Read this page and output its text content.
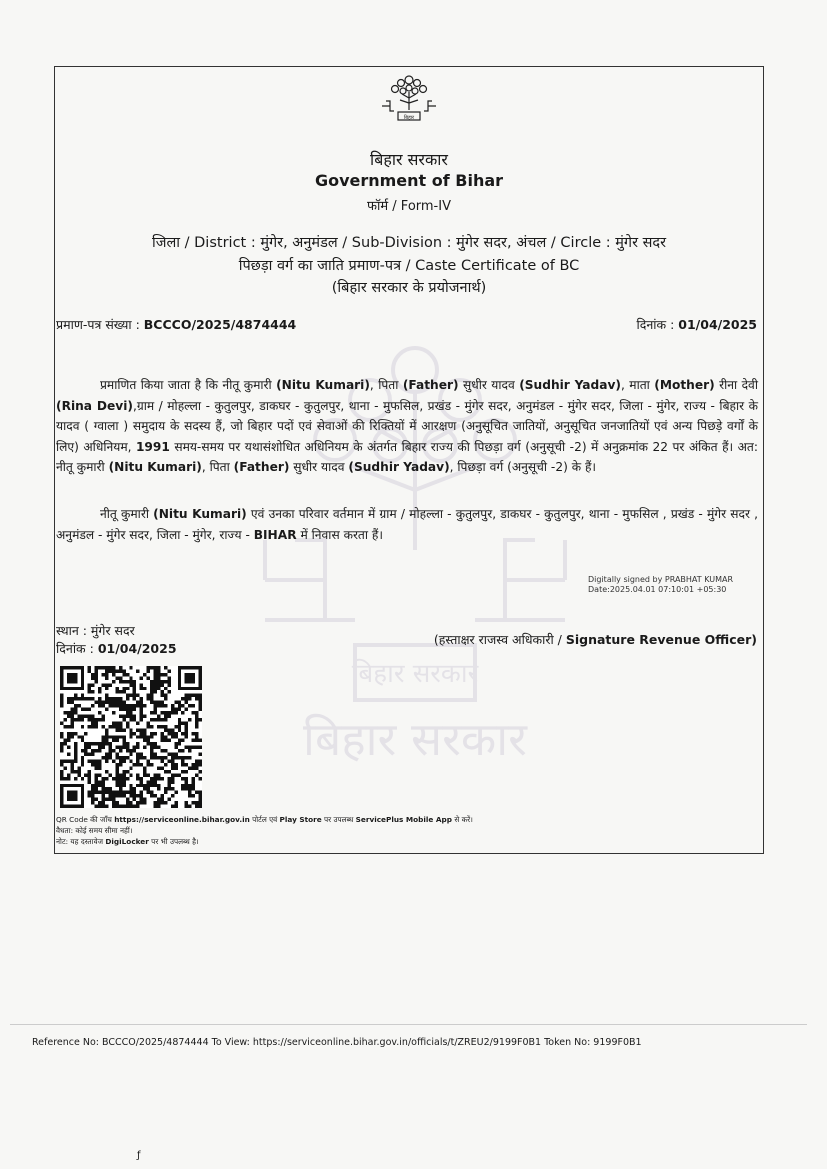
बिहार
बिहार सरकार
बिहार सरकार
बिहार सरकार
Government of Bihar
फॉर्म / Form-IV
जिला / District : मुंगेर, अनुमंडल / Sub-Division : मुंगेर सदर, अंचल / Circle : मुंगेर सदर
पिछड़ा वर्ग का जाति प्रमाण-पत्र / Caste Certificate of BC
(बिहार सरकार के प्रयोजनार्थ)
प्रमाण-पत्र संख्या : BCCCO/2025/4874444	दिनांक : 01/04/2025
प्रमाणित किया जाता है कि नीतू कुमारी (Nitu Kumari), पिता (Father) सुधीर यादव (Sudhir Yadav), माता (Mother) रीना देवी (Rina Devi),ग्राम / मोहल्ला - कुतुलपुर, डाकघर - कुतुलपुर, थाना - मुफसिल, प्रखंड - मुंगेर सदर, अनुमंडल - मुंगेर सदर, जिला - मुंगेर, राज्य - बिहार के यादव ( ग्वाला ) समुदाय के सदस्य हैं, जो बिहार पदों एवं सेवाओं की रिक्तियों में आरक्षण (अनुसूचित जातियों, अनुसूचित जनजातियों एवं अन्य पिछड़े वर्गों के लिए) अधिनियम, 1991 समय-समय पर यथासंशोधित अधिनियम के अंतर्गत बिहार राज्य की पिछड़ा वर्ग (अनुसूची -2) में अनुक्रमांक 22 पर अंकित हैं। अत: नीतू कुमारी (Nitu Kumari), पिता (Father) सुधीर यादव (Sudhir Yadav), पिछड़ा वर्ग (अनुसूची -2) के हैं।
नीतू कुमारी (Nitu Kumari) एवं उनका परिवार वर्तमान में ग्राम / मोहल्ला - कुतुलपुर, डाकघर - कुतुलपुर, थाना - मुफसिल , प्रखंड - मुंगेर सदर , अनुमंडल - मुंगेर सदर, जिला - मुंगेर, राज्य - BIHAR में निवास करता हैं।
Digitally signed by PRABHAT KUMAR
Date:2025.04.01 07:10:01 +05:30
स्थान : मुंगेर सदर
दिनांक : 01/04/2025
(हस्ताक्षर राजस्व अधिकारी / Signature Revenue Officer)
QR Code की जाँच https://serviceonline.bihar.gov.in पोर्टल एवं Play Store पर उपलब्ध ServicePlus Mobile App से करें।
वैधता: कोई समय सीमा नहीं।
नोट: यह दस्तावेज DigiLocker पर भी उपलब्ध है।
Reference No: BCCCO/2025/4874444 To View: https://serviceonline.bihar.gov.in/officials/t/ZREU2/9199F0B1 Token No: 9199F0B1
ƒ
